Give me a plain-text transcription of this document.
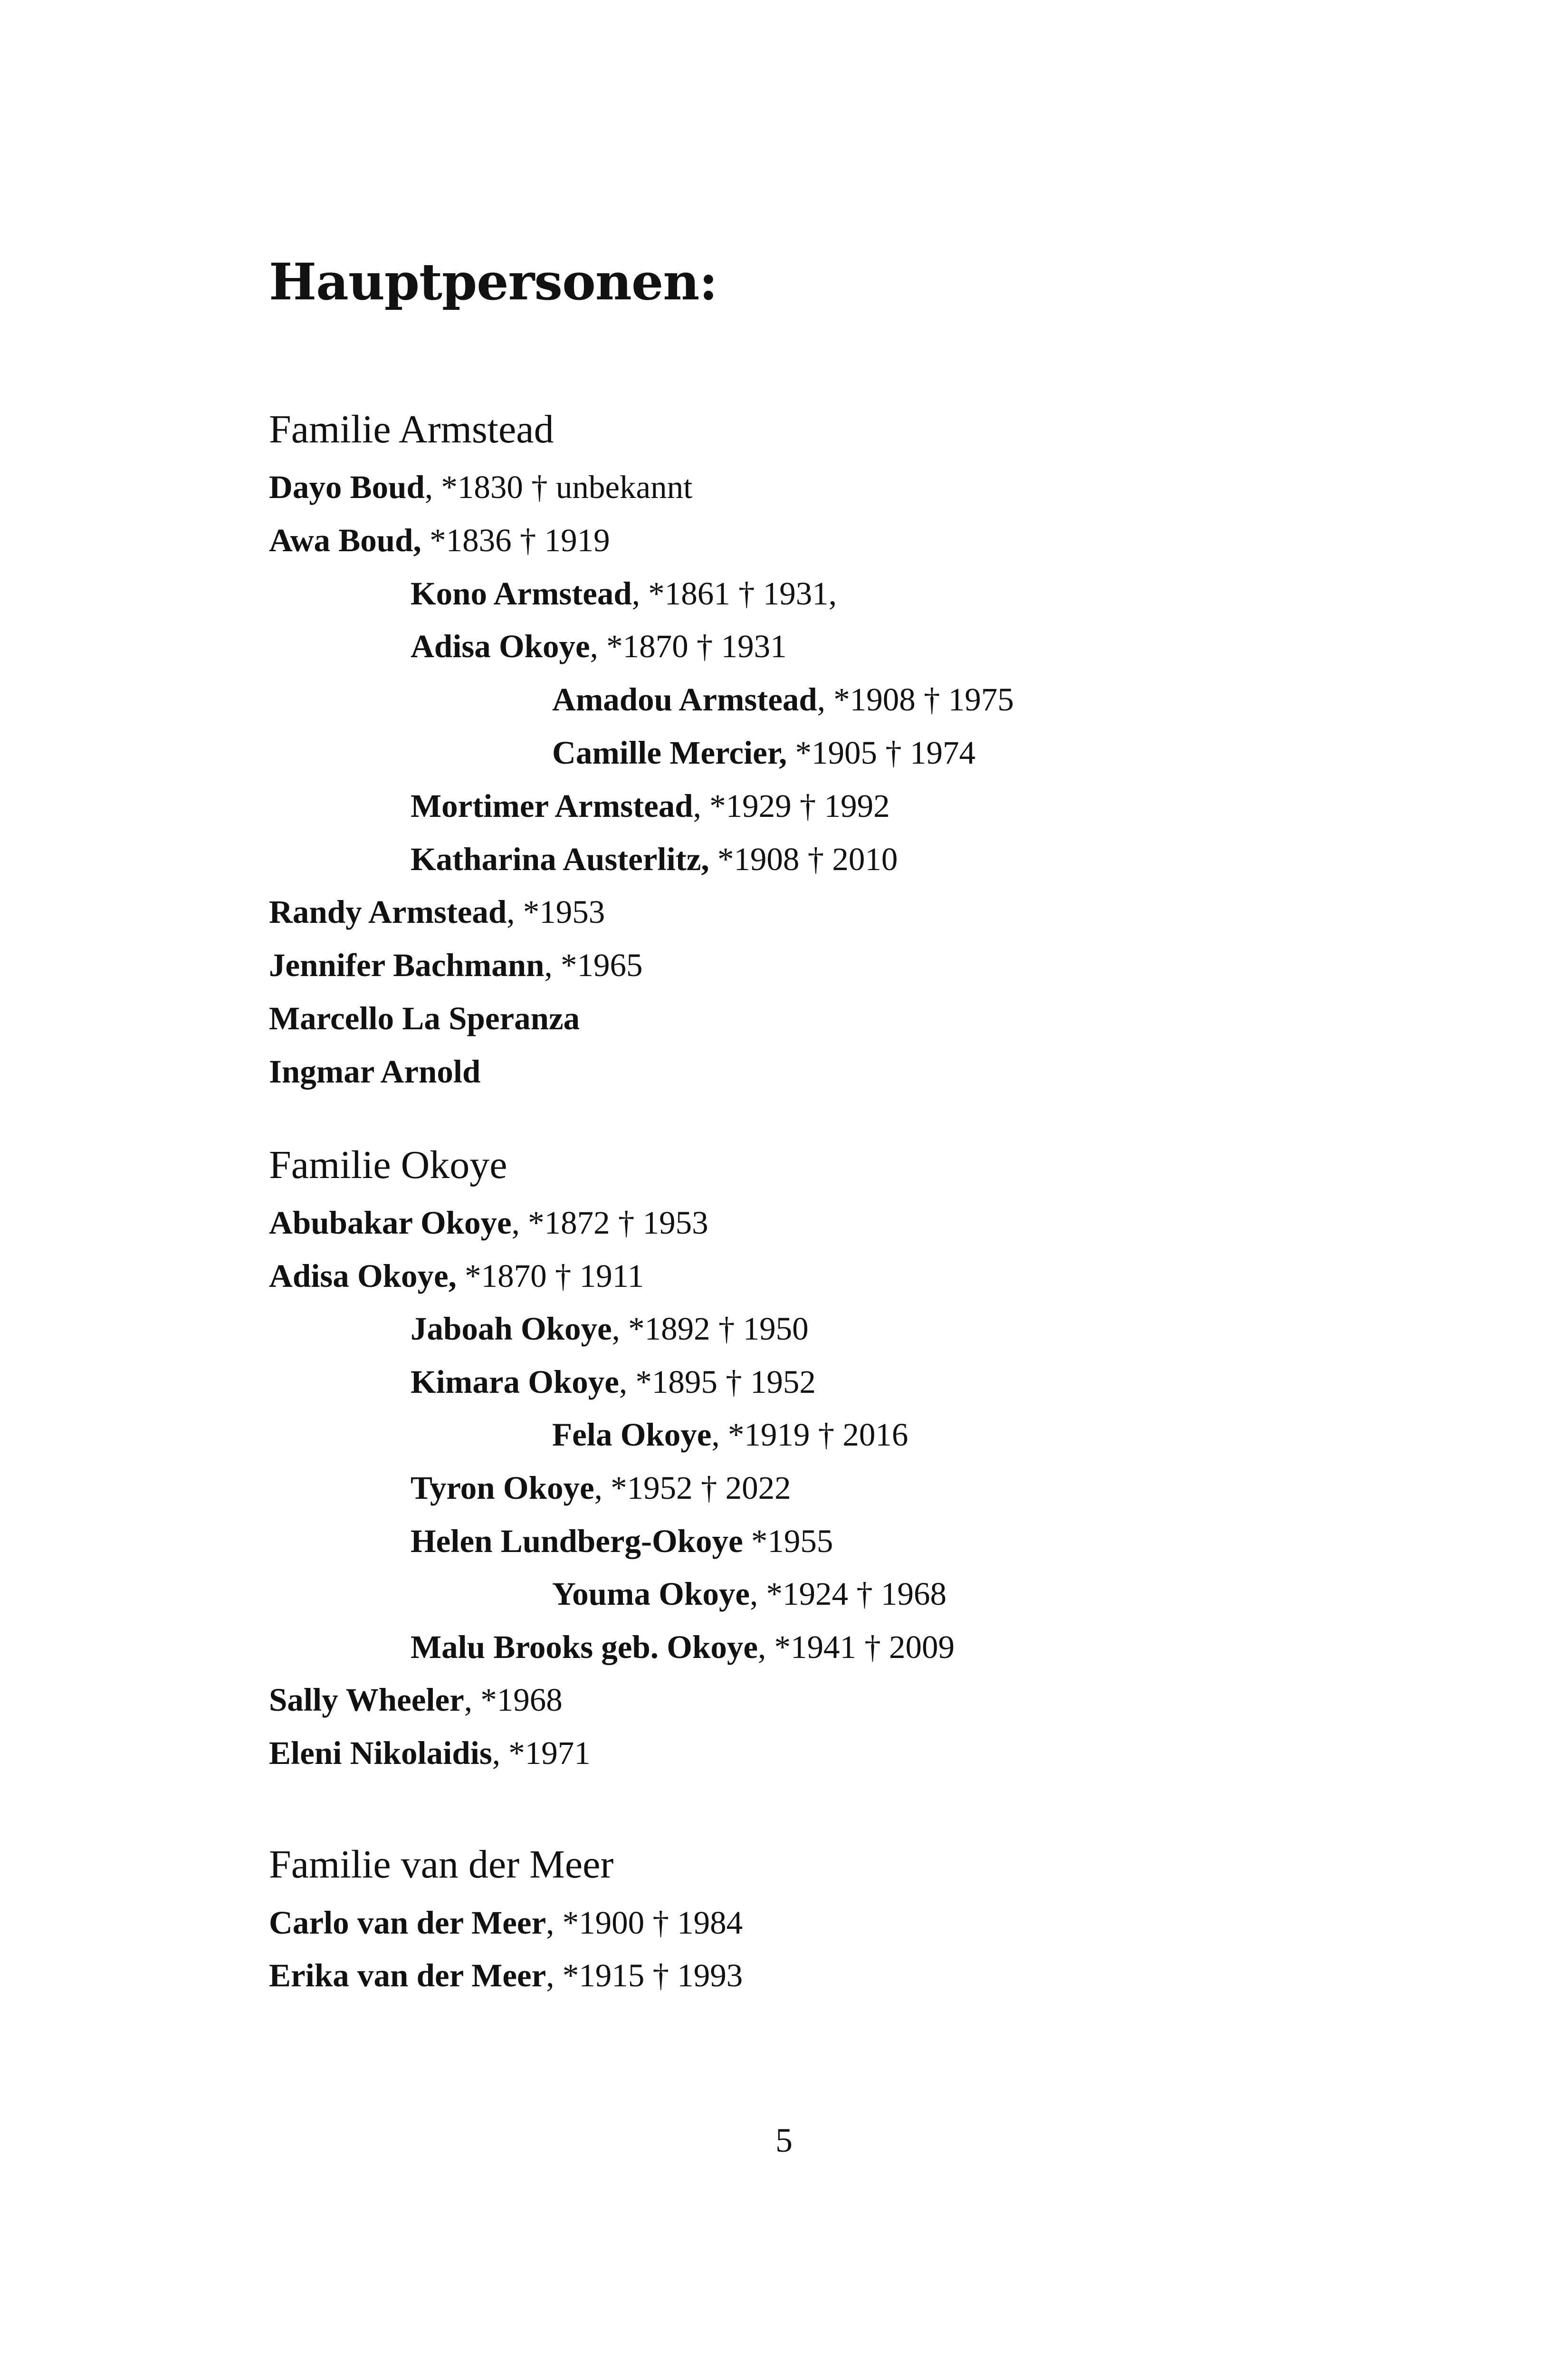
Hauptpersonen:
Familie Armstead

Dayo Boud, *1830 † unbekannt

Awa Boud, *1836 † 1919

Kono Armstead, *1861 † 1931,

Adisa Okoye, *1870 † 1931

Amadou Armstead, *1908 † 1975

Camille Mercier, *1905 † 1974

Mortimer Armstead, *1929 † 1992

Katharina Austerlitz, *1908 † 2010

Randy Armstead, *1953

Jennifer Bachmann, *1965

Marcello La Speranza

Ingmar Arnold

Familie Okoye

Abubakar Okoye, *1872 † 1953

Adisa Okoye, *1870 † 1911

Jaboah Okoye, *1892 † 1950

Kimara Okoye, *1895 † 1952

Fela Okoye, *1919 † 2016

Tyron Okoye, *1952 † 2022

Helen Lundberg-Okoye *1955

Youma Okoye, *1924 † 1968

Malu Brooks geb. Okoye, *1941 † 2009

Sally Wheeler, *1968

Eleni Nikolaidis, *1971

Familie van der Meer

Carlo van der Meer, *1900 † 1984

Erika van der Meer, *1915 † 1993

5
